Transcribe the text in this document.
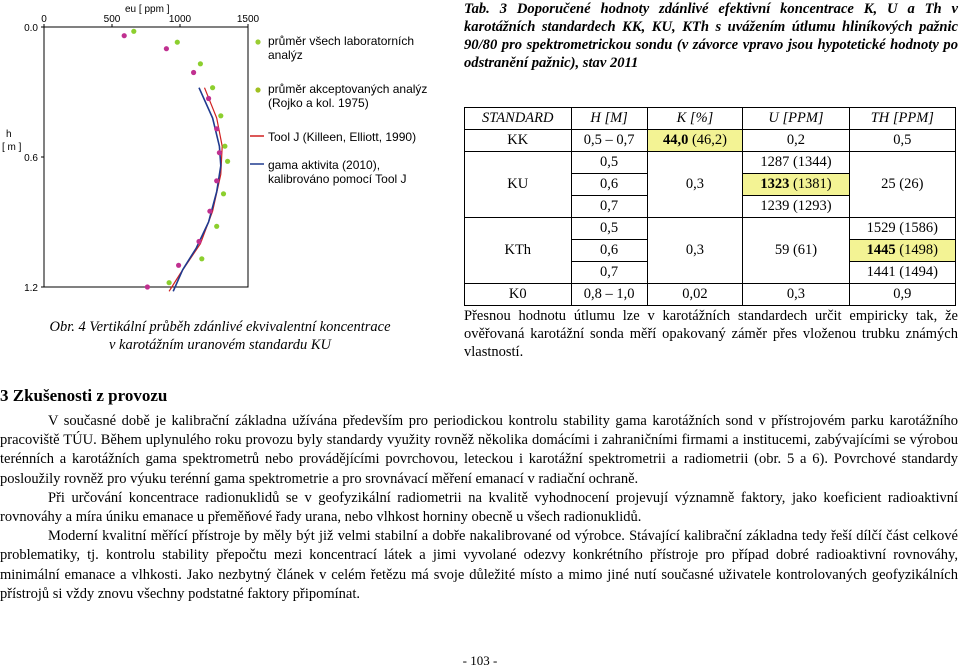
0	500	1000	1500
0.0
0.6
1.2
eu [ ppm ]
h
[ m ]
průměr všech laboratorních
analýz
průměr akceptovaných analýz
(Rojko a kol. 1975)
Tool J (Killeen, Elliott, 1990)
gama aktivita (2010),
kalibrováno pomocí Tool J
Obr. 4 Vertikální průběh zdánlivé ekvivalentní koncentrace
v karotážním uranovém standardu KU
Tab. 3 Doporučené hodnoty zdánlivé efektivní koncentrace K, U a Th v karotážních standardech KK, KU, KTh s uvážením útlumu hliníkových pažnic 90/80 pro spektrometrickou sondu (v závorce vpravo jsou hypotetické hodnoty po odstranění pažnic), stav 2011
STANDARD	H [M]	K [%]	U [PPM]	TH [PPM]
KK	0,5 – 0,7	44,0 (46,2)	0,2	0,5
KU	0,5	0,3	1287 (1344)	25 (26)
	0,6		1323 (1381)	
	0,7		1239 (1293)	
KTh	0,5	0,3	59 (61)	1529 (1586)
	0,6			1445 (1498)
	0,7			1441 (1494)
K0	0,8 – 1,0	0,02	0,3	0,9
Přesnou hodnotu útlumu lze v karotážních standardech určit empiricky tak, že ověřovaná karotážní sonda měří opakovaný záměr přes vloženou trubku známých vlastností.
3 Zkušenosti z provozu

V současné době je kalibrační základna užívána především pro periodickou kontrolu stability gama karotážních sond v přístrojovém parku karotážního pracoviště TÚU. Během uplynulého roku provozu byly standardy využity rovněž několika domácími i zahraničními firmami a institucemi, zabývajícími se výrobou terénních a karotážních gama spektrometrů nebo provádějícími povrchovou, leteckou i karotážní spektrometrii a radiometrii (obr. 5 a 6). Povrchové standardy posloužily rovněž pro výuku terénní gama spektrometrie a pro srovnávací měření emanací v radiační ochraně.

Při určování koncentrace radionuklidů se v geofyzikální radiometrii na kvalitě vyhodnocení projevují významně faktory, jako koeficient radioaktivní rovnováhy a míra úniku emanace u přeměňové řady urana, nebo vlhkost horniny obecně u všech radionuklidů.

Moderní kvalitní měřící přístroje by měly být již velmi stabilní a dobře nakalibrované od výrobce. Stávající kalibrační základna tedy řeší dílčí část celkové problematiky, tj. kontrolu stability přepočtu mezi koncentrací látek a jimi vyvolané odezvy konkrétního přístroje pro případ dobré radioaktivní rovnováhy, minimální emanace a vlhkosti. Jako nezbytný článek v celém řetězu má svoje důležité místo a mimo jiné nutí současné uživatele kontrolovaných geofyzikálních přístrojů si vždy znovu všechny podstatné faktory připomínat.

- 103 -
